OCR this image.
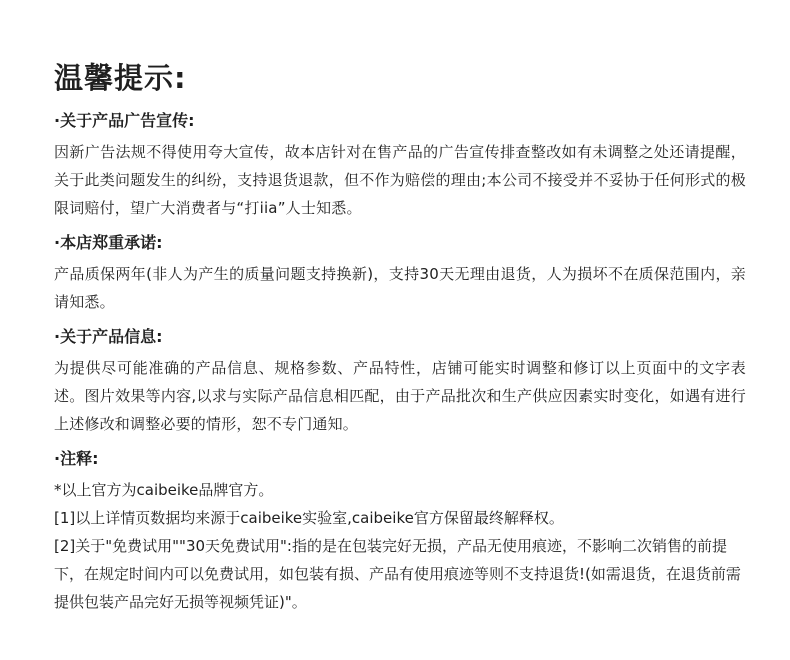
温馨提示:
·关于产品广告宣传:

因新广告法规不得使用夸大宣传，故本店针对在售产品的广告宣传排查整改如有未调整之处还请提醒，关于此类问题发生的纠纷，支持退货退款，但不作为赔偿的理由;本公司不接受并不妥协于任何形式的极限词赔付，望广大消费者与“打iia”人士知悉。

·本店郑重承诺:

产品质保两年(非人为产生的质量问题支持换新)，支持30天无理由退货，人为损坏不在质保范围内，亲请知悉。

·关于产品信息:

为提供尽可能准确的产品信息、规格参数、产品特性，店铺可能实时调整和修订以上页面中的文字表述。图片效果等内容,以求与实际产品信息相匹配，由于产品批次和生产供应因素实时变化，如遇有进行上述修改和调整必要的情形，恕不专门通知。

·注释:

*以上官方为caibeike品牌官方。

[1]以上详情页数据均来源于caibeike实验室,caibeike官方保留最终解释权。

[2]关于"免费试用""30天免费试用":指的是在包装完好无损，产品无使用痕迹，不影响二次销售的前提下，在规定时间内可以免费试用，如包装有损、产品有使用痕迹等则不支持退货!(如需退货，在退货前需提供包装产品完好无损等视频凭证)"。
